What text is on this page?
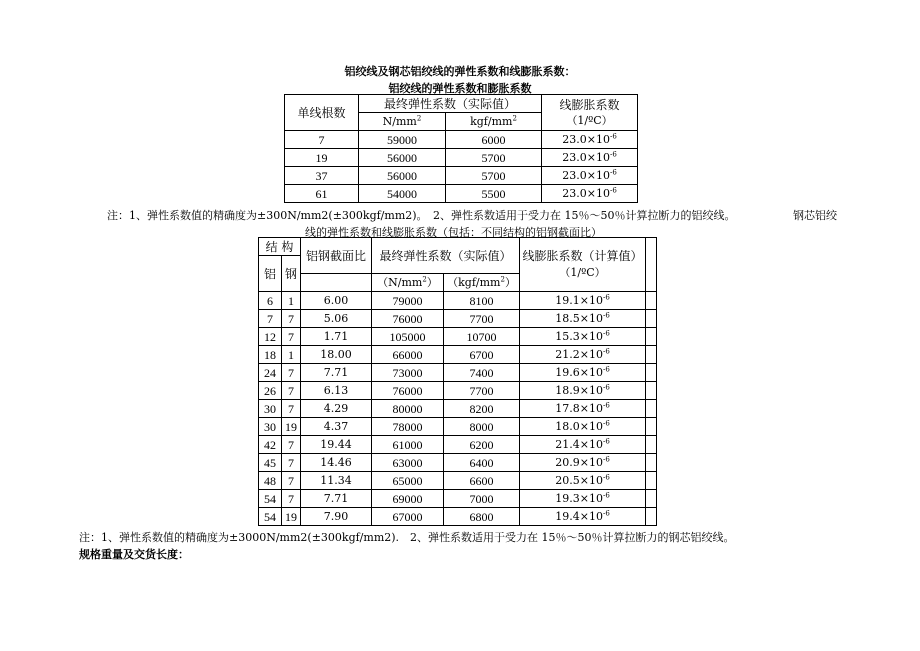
铝绞线及钢芯铝绞线的弹性系数和线膨胀系数：
铝绞线的弹性系数和膨胀系数
单线根数	最终弹性系数（实际值）		线膨胀系数
（1/ºC）
	$N/mm^2$	kgf/$mm^2$
7	59000	6000	$23.0\times 10^{-6}$
19	56000	5700	$23.0\times 10^{-6}$
37	56000	5700	$23.0\times 10^{-6}$
61	54000	5500	$23.0\times 10^{-6}$
注：1、弹性系数值的精确度为±300N/mm2(±300kgf/mm2)。　2、弹性系数适用于受力在 15％～50％计算拉断力的铝绞线。	钢芯铝绞
线的弹性系数和线膨胀系数（包括：不同结构的铝钢截面比）
结 构		铝钢截面比	最终弹性系数（实际值）		线膨胀系数（计算值）
（1/ºC）	
铝	钢					
			$(N/mm^2)$	$(kgf/mm^2)$		
6	1	6.00	79000	8100	$19.1\times 10^{-6}$	
7	7	5.06	76000	7700	$18.5\times 10^{-6}$	
12	7	1.71	105000	10700	$15.3\times 10^{-6}$	
18	1	18.00	66000	6700	$21.2\times 10^{-6}$	
24	7	7.71	73000	7400	$19.6\times 10^{-6}$	
26	7	6.13	76000	7700	$18.9\times 10^{-6}$	
30	7	4.29	80000	8200	$17.8\times 10^{-6}$	
30	19	4.37	78000	8000	$18.0\times 10^{-6}$	
42	7	19.44	61000	6200	$21.4\times 10^{-6}$	
45	7	14.46	63000	6400	$20.9\times 10^{-6}$	
48	7	11.34	65000	6600	$20.5\times 10^{-6}$	
54	7	7.71	69000	7000	$19.3\times 10^{-6}$	
54	19	7.90	67000	6800	$19.4\times 10^{-6}$	
注：1、弹性系数值的精确度为±3000N/mm2(±300kgf/mm2).　2、弹性系数适用于受力在 15％～50％计算拉断力的钢芯铝绞线。
规格重量及交货长度：
